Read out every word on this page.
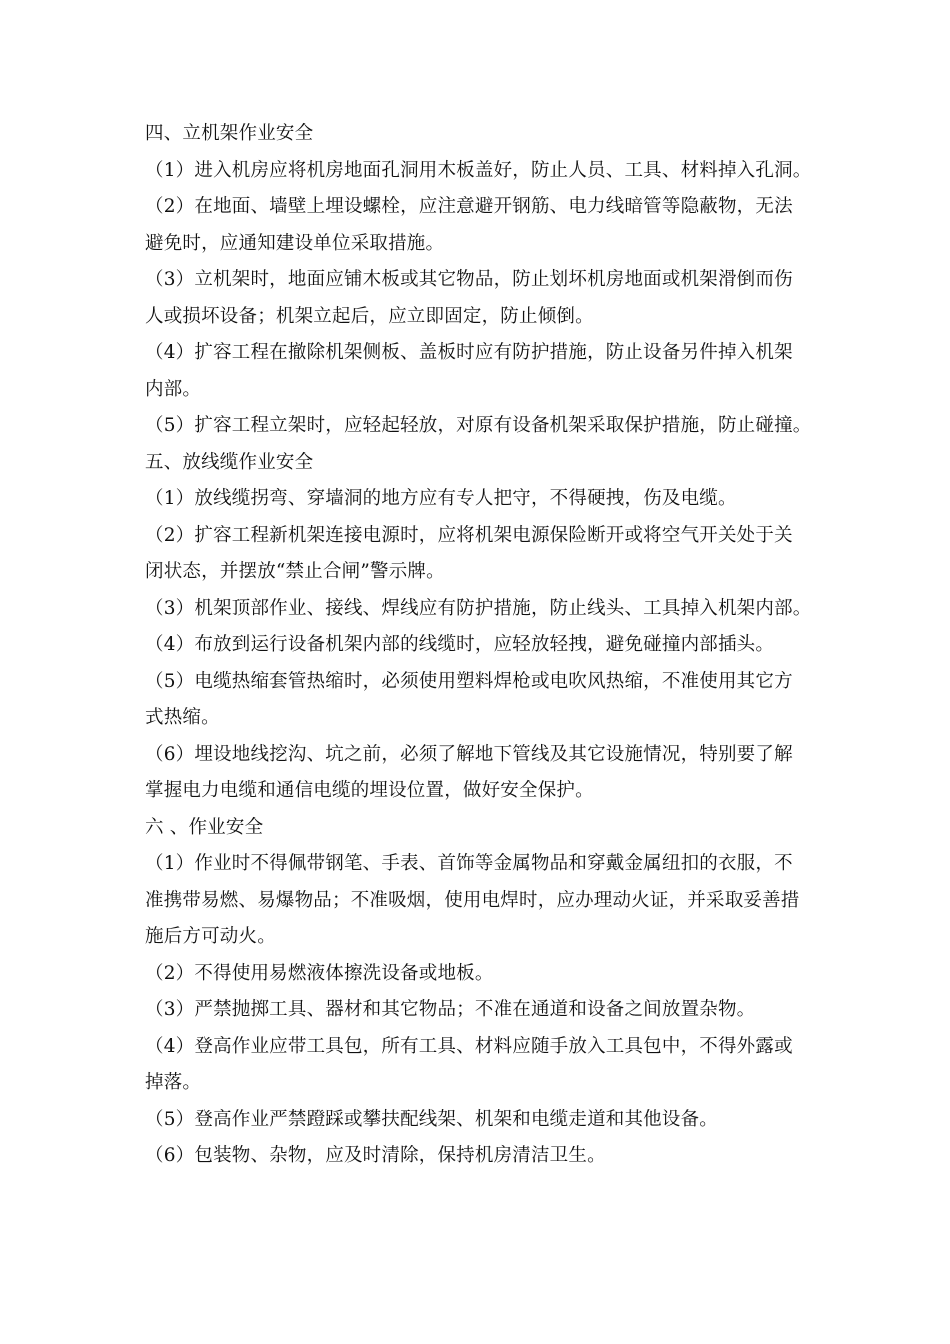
四、立机架作业安全
（1）进入机房应将机房地面孔洞用木板盖好，防止人员、工具、材料掉入孔洞。
（2）在地面、墙壁上埋设螺栓，应注意避开钢筋、电力线暗管等隐蔽物，无法
避免时，应通知建设单位采取措施。
（3）立机架时，地面应铺木板或其它物品，防止划坏机房地面或机架滑倒而伤
人或损坏设备；机架立起后，应立即固定，防止倾倒。
（4）扩容工程在撤除机架侧板、盖板时应有防护措施，防止设备另件掉入机架
内部。
（5）扩容工程立架时，应轻起轻放，对原有设备机架采取保护措施，防止碰撞。
五、放线缆作业安全
（1）放线缆拐弯、穿墙洞的地方应有专人把守，不得硬拽，伤及电缆。
（2）扩容工程新机架连接电源时，应将机架电源保险断开或将空气开关处于关
闭状态，并摆放“禁止合闸”警示牌。
（3）机架顶部作业、接线、焊线应有防护措施，防止线头、工具掉入机架内部。
（4）布放到运行设备机架内部的线缆时，应轻放轻拽，避免碰撞内部插头。
（5）电缆热缩套管热缩时，必须使用塑料焊枪或电吹风热缩，不准使用其它方
式热缩。
（6）埋设地线挖沟、坑之前，必须了解地下管线及其它设施情况，特别要了解
掌握电力电缆和通信电缆的埋设位置，做好安全保护。
六 、作业安全
（1）作业时不得佩带钢笔、手表、首饰等金属物品和穿戴金属纽扣的衣服，不
准携带易燃、易爆物品；不准吸烟，使用电焊时，应办理动火证，并采取妥善措
施后方可动火。
（2）不得使用易燃液体擦洗设备或地板。
（3）严禁抛掷工具、器材和其它物品；不准在通道和设备之间放置杂物。
（4）登高作业应带工具包，所有工具、材料应随手放入工具包中，不得外露或
掉落。
（5）登高作业严禁蹬踩或攀扶配线架、机架和电缆走道和其他设备。
（6）包装物、杂物，应及时清除，保持机房清洁卫生。
